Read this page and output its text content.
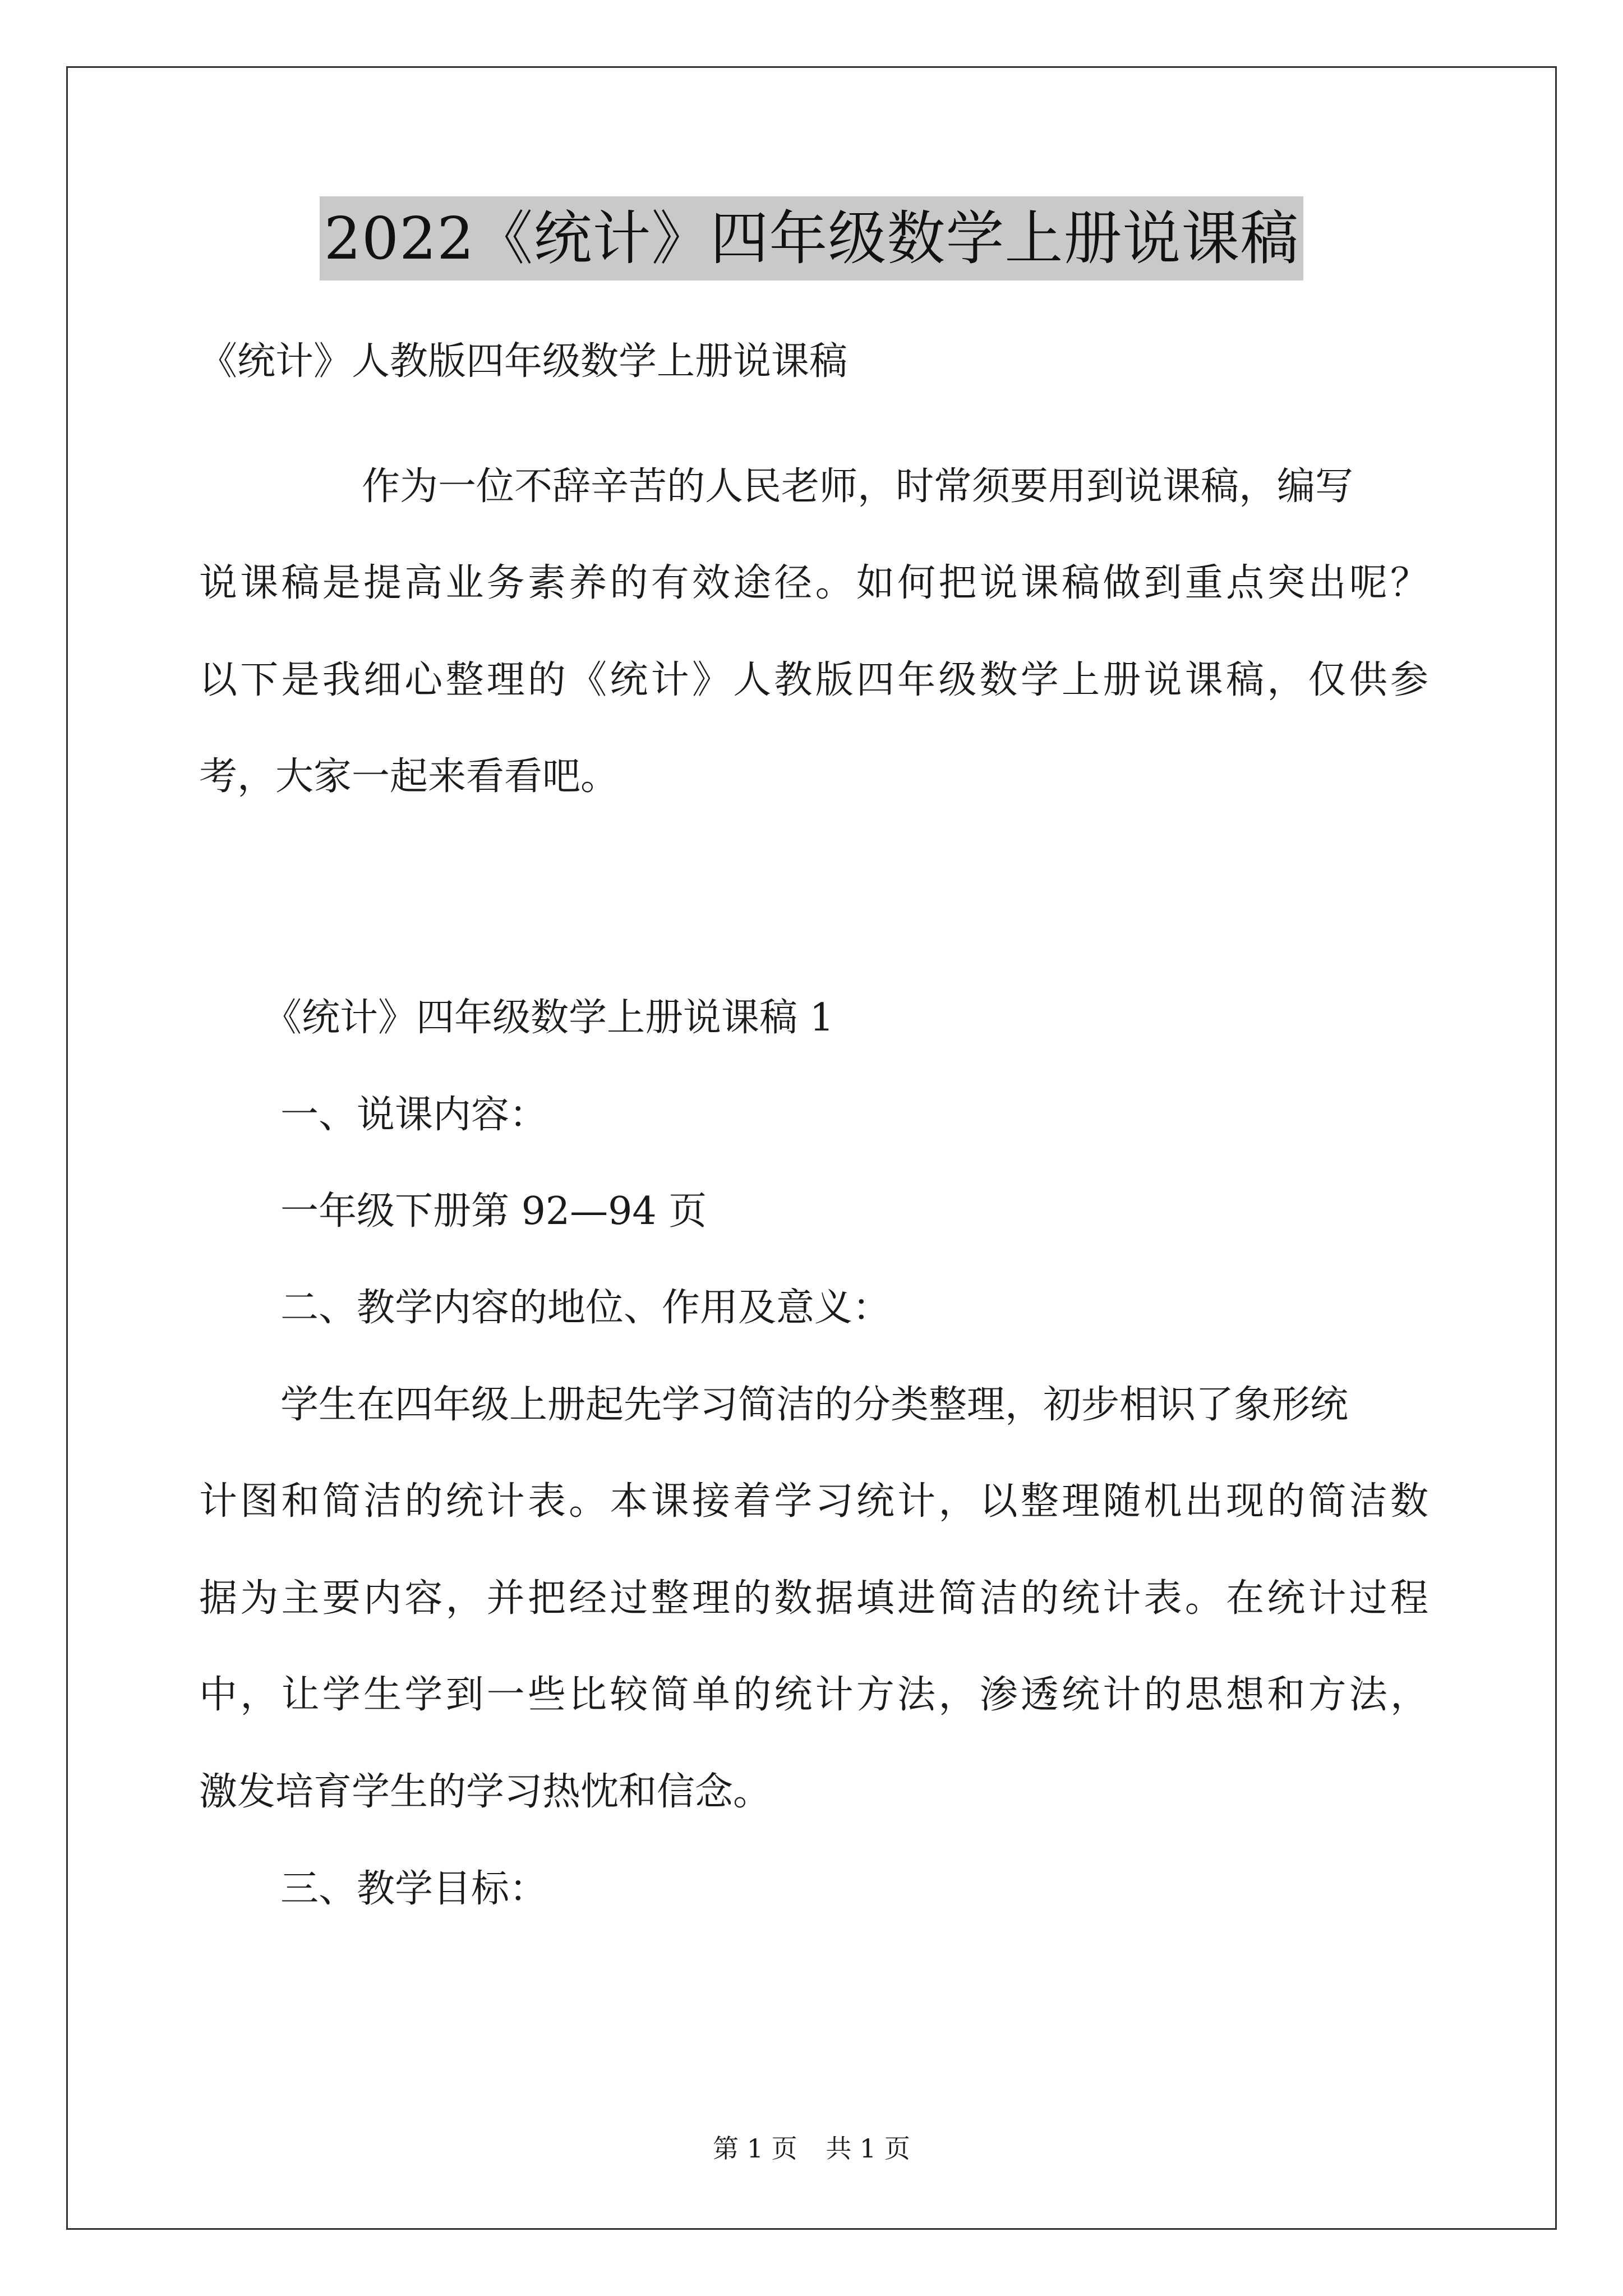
2022《统计》四年级数学上册说课稿
《统计》人教版四年级数学上册说课稿
作为一位不辞辛苦的人民老师，时常须要用到说课稿，编写
说课稿是提高业务素养的有效途径。如何把说课稿做到重点突出呢？
以下是我细心整理的《统计》人教版四年级数学上册说课稿，仅供参
考，大家一起来看看吧。
《统计》四年级数学上册说课稿 1
一、说课内容：
一年级下册第 92—94 页
二、教学内容的地位、作用及意义：
学生在四年级上册起先学习简洁的分类整理，初步相识了象形统
计图和简洁的统计表。本课接着学习统计，以整理随机出现的简洁数
据为主要内容，并把经过整理的数据填进简洁的统计表。在统计过程
中，让学生学到一些比较简单的统计方法，渗透统计的思想和方法，
激发培育学生的学习热忱和信念。
三、教学目标：
第 1 页 共 1 页
